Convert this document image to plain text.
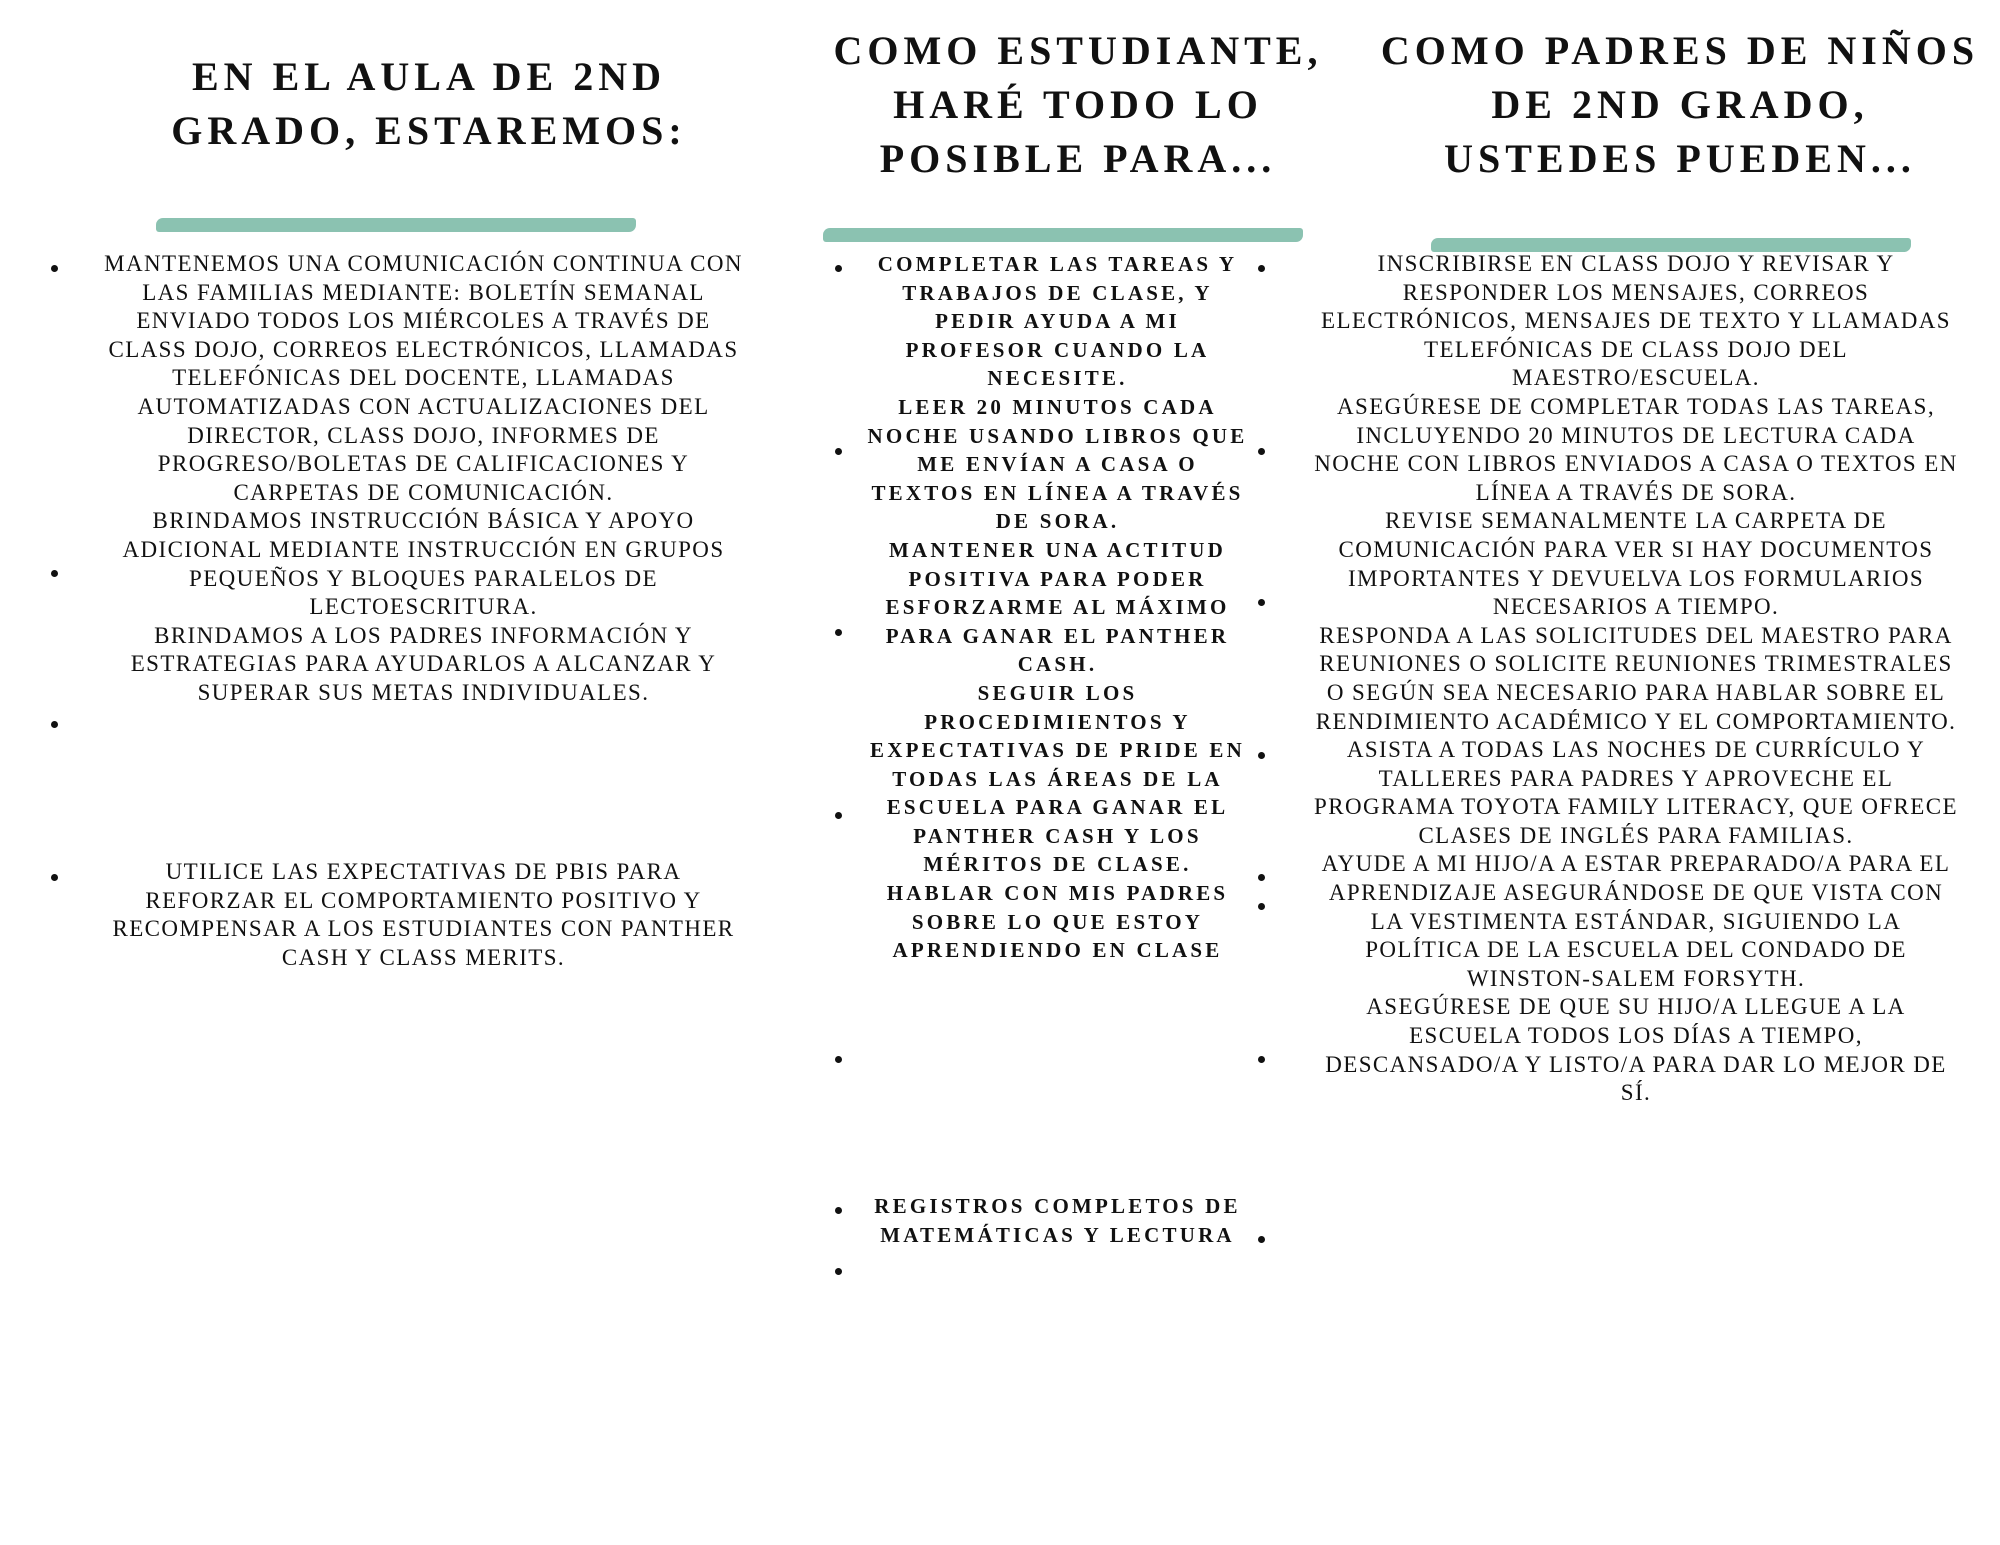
EN EL AULA DE 2ND
GRADO, ESTAREMOS:
MANTENEMOS UNA COMUNICACIÓN CONTINUA CON
LAS FAMILIAS MEDIANTE: BOLETÍN SEMANAL
ENVIADO TODOS LOS MIÉRCOLES A TRAVÉS DE
CLASS DOJO, CORREOS ELECTRÓNICOS, LLAMADAS
TELEFÓNICAS DEL DOCENTE, LLAMADAS
AUTOMATIZADAS CON ACTUALIZACIONES DEL
DIRECTOR, CLASS DOJO, INFORMES DE
PROGRESO/BOLETAS DE CALIFICACIONES Y
CARPETAS DE COMUNICACIÓN.
BRINDAMOS INSTRUCCIÓN BÁSICA Y APOYO
ADICIONAL MEDIANTE INSTRUCCIÓN EN GRUPOS
PEQUEÑOS Y BLOQUES PARALELOS DE
LECTOESCRITURA.
BRINDAMOS A LOS PADRES INFORMACIÓN Y
ESTRATEGIAS PARA AYUDARLOS A ALCANZAR Y
SUPERAR SUS METAS INDIVIDUALES.
UTILICE LAS EXPECTATIVAS DE PBIS PARA
REFORZAR EL COMPORTAMIENTO POSITIVO Y
RECOMPENSAR A LOS ESTUDIANTES CON PANTHER
CASH Y CLASS MERITS.
COMO ESTUDIANTE,
HARÉ TODO LO
POSIBLE PARA...
COMPLETAR LAS TAREAS Y
TRABAJOS DE CLASE, Y
PEDIR AYUDA A MI
PROFESOR CUANDO LA
NECESITE.
LEER 20 MINUTOS CADA
NOCHE USANDO LIBROS QUE
ME ENVÍAN A CASA O
TEXTOS EN LÍNEA A TRAVÉS
DE SORA.
MANTENER UNA ACTITUD
POSITIVA PARA PODER
ESFORZARME AL MÁXIMO
PARA GANAR EL PANTHER
CASH.
SEGUIR LOS
PROCEDIMIENTOS Y
EXPECTATIVAS DE PRIDE EN
TODAS LAS ÁREAS DE LA
ESCUELA PARA GANAR EL
PANTHER CASH Y LOS
MÉRITOS DE CLASE.
HABLAR CON MIS PADRES
SOBRE LO QUE ESTOY
APRENDIENDO EN CLASE
REGISTROS COMPLETOS DE
MATEMÁTICAS Y LECTURA
COMO PADRES DE NIÑOS
DE 2ND GRADO,
USTEDES PUEDEN...
INSCRIBIRSE EN CLASS DOJO Y REVISAR Y
RESPONDER LOS MENSAJES, CORREOS
ELECTRÓNICOS, MENSAJES DE TEXTO Y LLAMADAS
TELEFÓNICAS DE CLASS DOJO DEL
MAESTRO/ESCUELA.
ASEGÚRESE DE COMPLETAR TODAS LAS TAREAS,
INCLUYENDO 20 MINUTOS DE LECTURA CADA
NOCHE CON LIBROS ENVIADOS A CASA O TEXTOS EN
LÍNEA A TRAVÉS DE SORA.
REVISE SEMANALMENTE LA CARPETA DE
COMUNICACIÓN PARA VER SI HAY DOCUMENTOS
IMPORTANTES Y DEVUELVA LOS FORMULARIOS
NECESARIOS A TIEMPO.
RESPONDA A LAS SOLICITUDES DEL MAESTRO PARA
REUNIONES O SOLICITE REUNIONES TRIMESTRALES
O SEGÚN SEA NECESARIO PARA HABLAR SOBRE EL
RENDIMIENTO ACADÉMICO Y EL COMPORTAMIENTO.
ASISTA A TODAS LAS NOCHES DE CURRÍCULO Y
TALLERES PARA PADRES Y APROVECHE EL
PROGRAMA TOYOTA FAMILY LITERACY, QUE OFRECE
CLASES DE INGLÉS PARA FAMILIAS.
AYUDE A MI HIJO/A A ESTAR PREPARADO/A PARA EL
APRENDIZAJE ASEGURÁNDOSE DE QUE VISTA CON
LA VESTIMENTA ESTÁNDAR, SIGUIENDO LA
POLÍTICA DE LA ESCUELA DEL CONDADO DE
WINSTON-SALEM FORSYTH.
ASEGÚRESE DE QUE SU HIJO/A LLEGUE A LA
ESCUELA TODOS LOS DÍAS A TIEMPO,
DESCANSADO/A Y LISTO/A PARA DAR LO MEJOR DE
SÍ.
